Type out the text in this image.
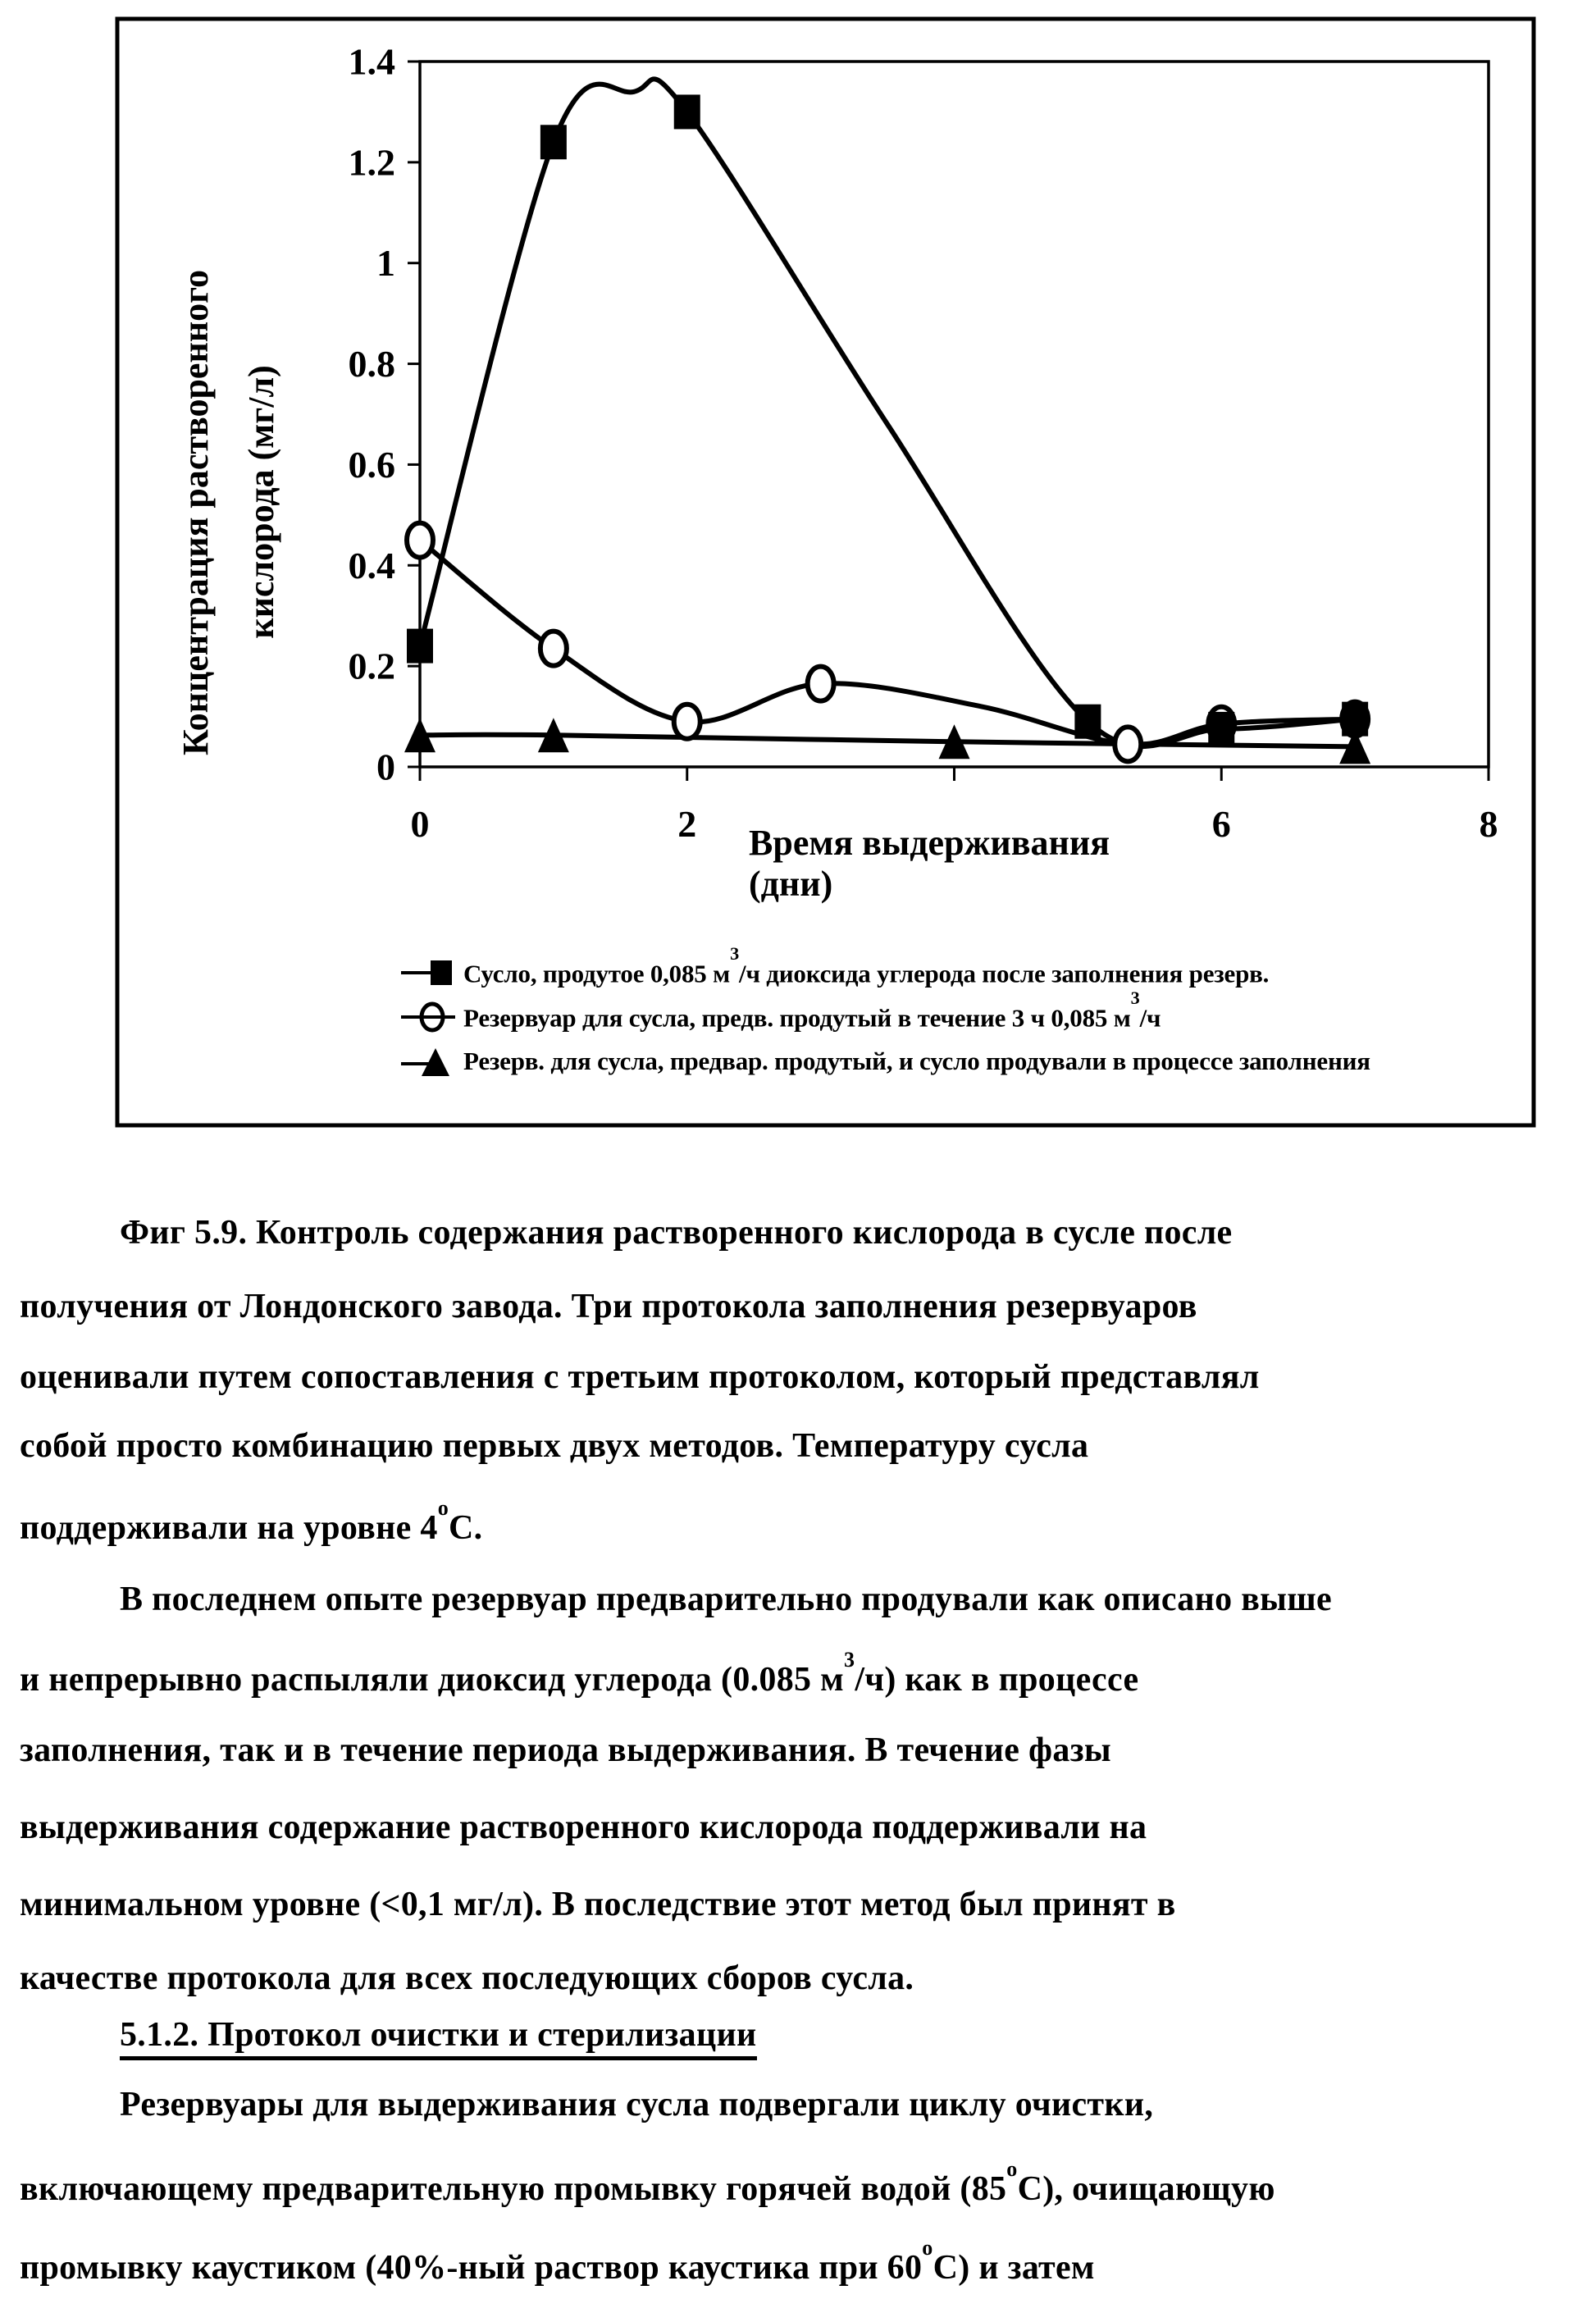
0
0.2
0.4
0.6
0.8
1
1.2
1.4
0	2	6	8
Концентрация растворенного кислорода (мг/л)
Время выдерживания
(дни)
Сусло, продутое 0,085 $м^3/ч$ диоксида углерода после заполнения резерв.
Резервуар для сусла, предв. продутый в течение 3 ч 0,085 $м^3/ч$
Резерв. для сусла, предвар. продутый, и сусло продували в процессе заполнения
Фиг 5.9. Контроль содержания растворенного кислорода в сусле после
получения от Лондонского завода. Три протокола заполнения резервуаров
оценивали путем сопоставления с третьим протоколом, который представлял
собой просто комбинацию первых двух методов. Температуру сусла
поддерживали на уровне $4^оС$.
В последнем опыте резервуар предварительно продували как описано выше
и непрерывно распыляли диоксид углерода (0.085 $м^3/ч$) как в процессе
заполнения, так и в течение периода выдерживания. В течение фазы
выдерживания содержание растворенного кислорода поддерживали на
минимальном уровне (<0,1 мг/л). В последствие этот метод был принят в
качестве протокола для всех последующих сборов сусла.
5.1.2. Протокол очистки и стерилизации
Резервуары для выдерживания сусла подвергали циклу очистки,
включающему предварительную промывку горячей водой $(85^оС)$, очищающую
промывку каустиком (40%-ный раствор каустика при $60^оС$) и затем
